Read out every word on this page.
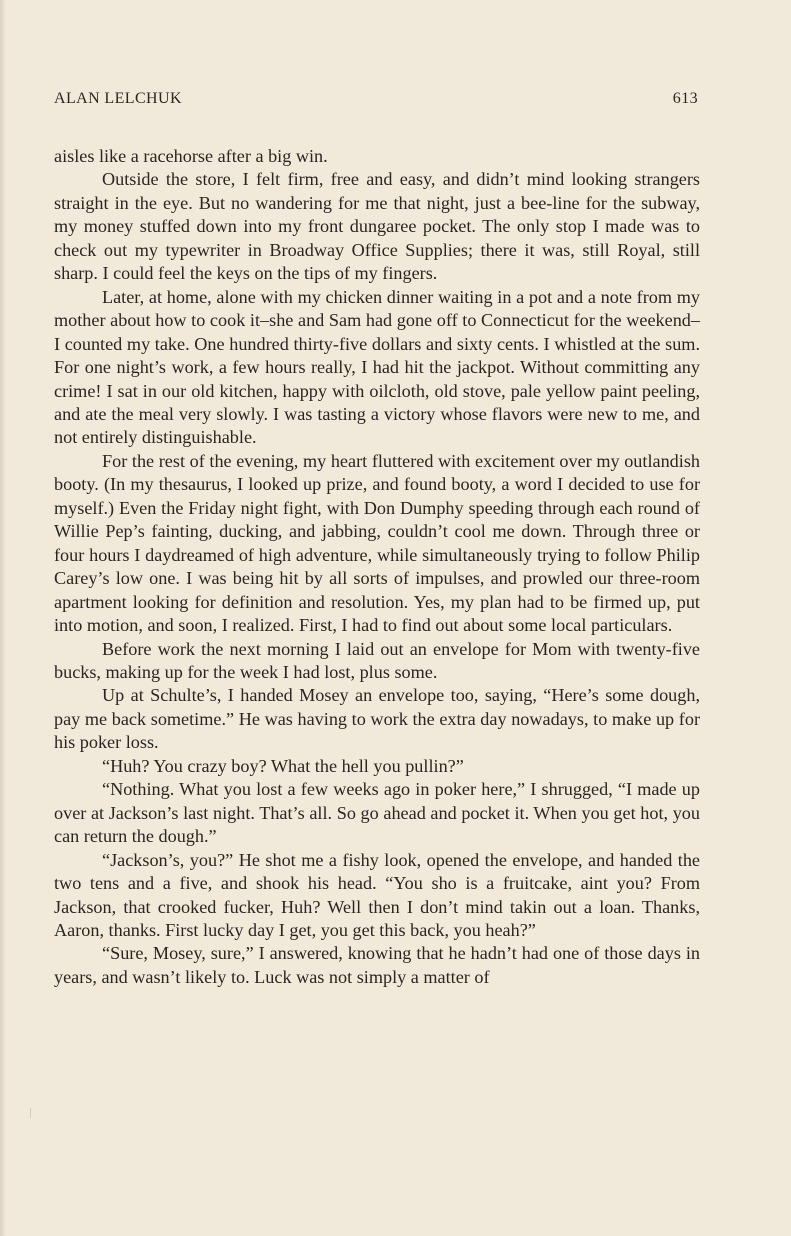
ALAN LELCHUK	613

aisles like a racehorse after a big win.

Outside the store, I felt firm, free and easy, and didn’t mind looking strangers straight in the eye. But no wandering for me that night, just a bee-line for the subway, my money stuffed down into my front dungaree pocket. The only stop I made was to check out my typewriter in Broadway Office Supplies; there it was, still Royal, still sharp. I could feel the keys on the tips of my fingers.

Later, at home, alone with my chicken dinner waiting in a pot and a note from my mother about how to cook it–she and Sam had gone off to Connecticut for the weekend–I counted my take. One hundred thirty-five dollars and sixty cents. I whistled at the sum. For one night’s work, a few hours really, I had hit the jackpot. Without committing any crime! I sat in our old kitchen, happy with oilcloth, old stove, pale yellow paint peeling, and ate the meal very slowly. I was tasting a victory whose flavors were new to me, and not entirely distinguishable.

For the rest of the evening, my heart fluttered with excitement over my outlandish booty. (In my thesaurus, I looked up prize, and found booty, a word I decided to use for myself.) Even the Friday night fight, with Don Dumphy speeding through each round of Willie Pep’s fainting, ducking, and jabbing, couldn’t cool me down. Through three or four hours I daydreamed of high adventure, while simultaneously trying to follow Philip Carey’s low one. I was being hit by all sorts of impulses, and prowled our three-room apartment looking for definition and resolution. Yes, my plan had to be firmed up, put into motion, and soon, I realized. First, I had to find out about some local particulars.

Before work the next morning I laid out an envelope for Mom with twenty-five bucks, making up for the week I had lost, plus some.

Up at Schulte’s, I handed Mosey an envelope too, saying, “Here’s some dough, pay me back sometime.” He was having to work the extra day nowadays, to make up for his poker loss.

“Huh? You crazy boy? What the hell you pullin?”

“Nothing. What you lost a few weeks ago in poker here,” I shrugged, “I made up over at Jackson’s last night. That’s all. So go ahead and pocket it. When you get hot, you can return the dough.”

“Jackson’s, you?” He shot me a fishy look, opened the envelope, and handed the two tens and a five, and shook his head. “You sho is a fruitcake, aint you? From Jackson, that crooked fucker, Huh? Well then I don’t mind takin out a loan. Thanks, Aaron, thanks. First lucky day I get, you get this back, you heah?”

“Sure, Mosey, sure,” I answered, knowing that he hadn’t had one of those days in years, and wasn’t likely to. Luck was not simply a matter of
